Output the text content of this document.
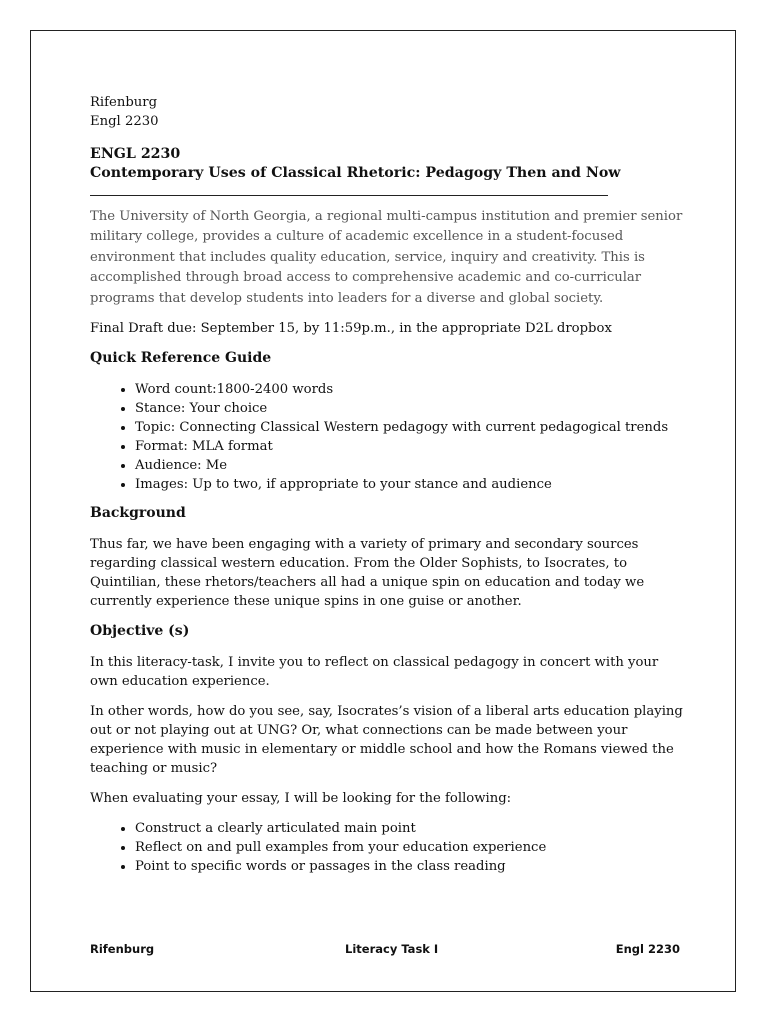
Rifenburg
Engl 2230
ENGL 2230
Contemporary Uses of Classical Rhetoric: Pedagogy Then and Now

The University of North Georgia, a regional multi-campus institution and premier senior military college, provides a culture of academic excellence in a student-focused environment that includes quality education, service, inquiry and creativity. This is accomplished through broad access to comprehensive academic and co-curricular programs that develop students into leaders for a diverse and global society.

Final Draft due: September 15, by 11:59p.m., in the appropriate D2L dropbox

Quick Reference Guide
• Word count:1800-2400 words
• Stance: Your choice
• Topic: Connecting Classical Western pedagogy with current pedagogical trends
• Format: MLA format
• Audience: Me
• Images: Up to two, if appropriate to your stance and audience
Background

Thus far, we have been engaging with a variety of primary and secondary sources regarding classical western education. From the Older Sophists, to Isocrates, to Quintilian, these rhetors/teachers all had a unique spin on education and today we currently experience these unique spins in one guise or another.

Objective (s)

In this literacy-task, I invite you to reflect on classical pedagogy in concert with your own education experience.

In other words, how do you see, say, Isocrates’s vision of a liberal arts education playing out or not playing out at UNG? Or, what connections can be made between your experience with music in elementary or middle school and how the Romans viewed the teaching or music?

When evaluating your essay, I will be looking for the following:

• Construct a clearly articulated main point
• Reflect on and pull examples from your education experience
• Point to specific words or passages in the class reading
Rifenburg	Literacy Task I	Engl 2230
